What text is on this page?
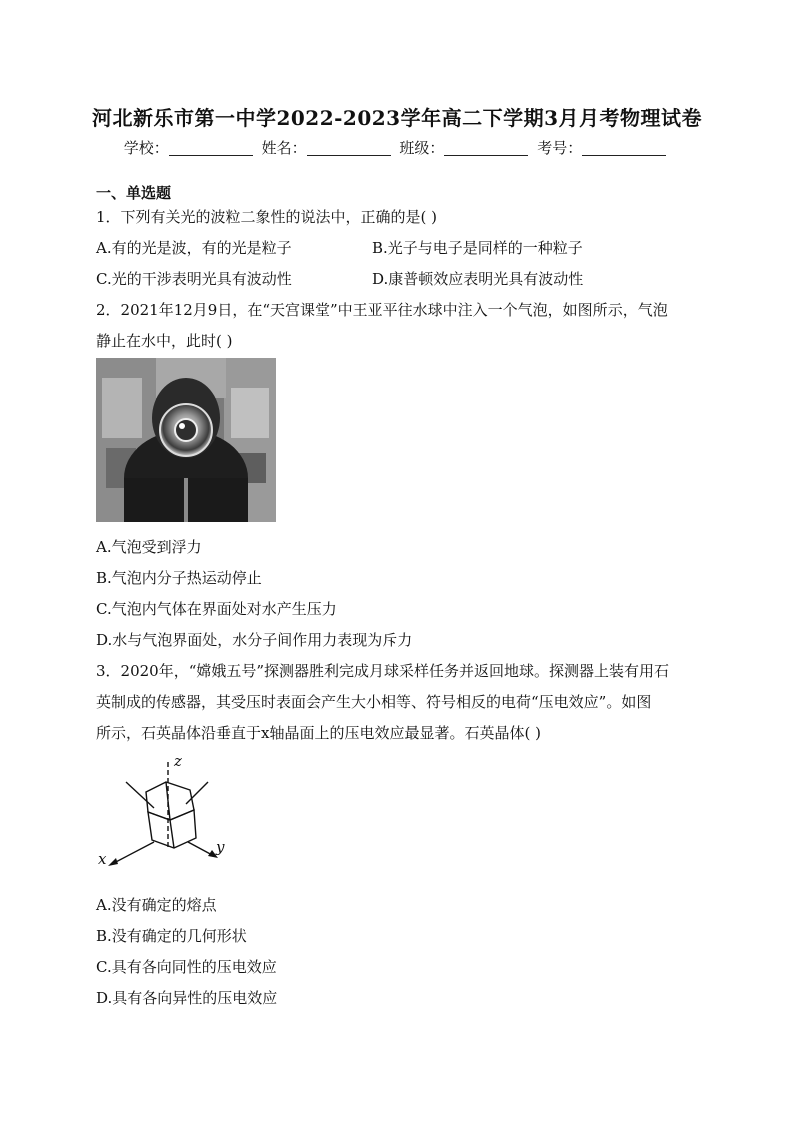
河北新乐市第一中学2022-2023学年高二下学期3月月考物理试卷
学校：	姓名：	班级：	考号：
一、单选题
1．下列有关光的波粒二象性的说法中，正确的是( )
A.有的光是波，有的光是粒子	B.光子与电子是同样的一种粒子
C.光的干涉表明光具有波动性	D.康普顿效应表明光具有波动性
2．2021年12月9日，在“天宫课堂”中王亚平往水球中注入一个气泡，如图所示，气泡
静止在水中，此时( )
A.气泡受到浮力
B.气泡内分子热运动停止
C.气泡内气体在界面处对水产生压力
D.水与气泡界面处，水分子间作用力表现为斥力
3．2020年，“嫦娥五号”探测器胜利完成月球采样任务并返回地球。探测器上装有用石
英制成的传感器，其受压时表面会产生大小相等、符号相反的电荷“压电效应”。如图
所示，石英晶体沿垂直于x轴晶面上的压电效应最显著。石英晶体( )
z
x
y
A.没有确定的熔点
B.没有确定的几何形状
C.具有各向同性的压电效应
D.具有各向异性的压电效应
